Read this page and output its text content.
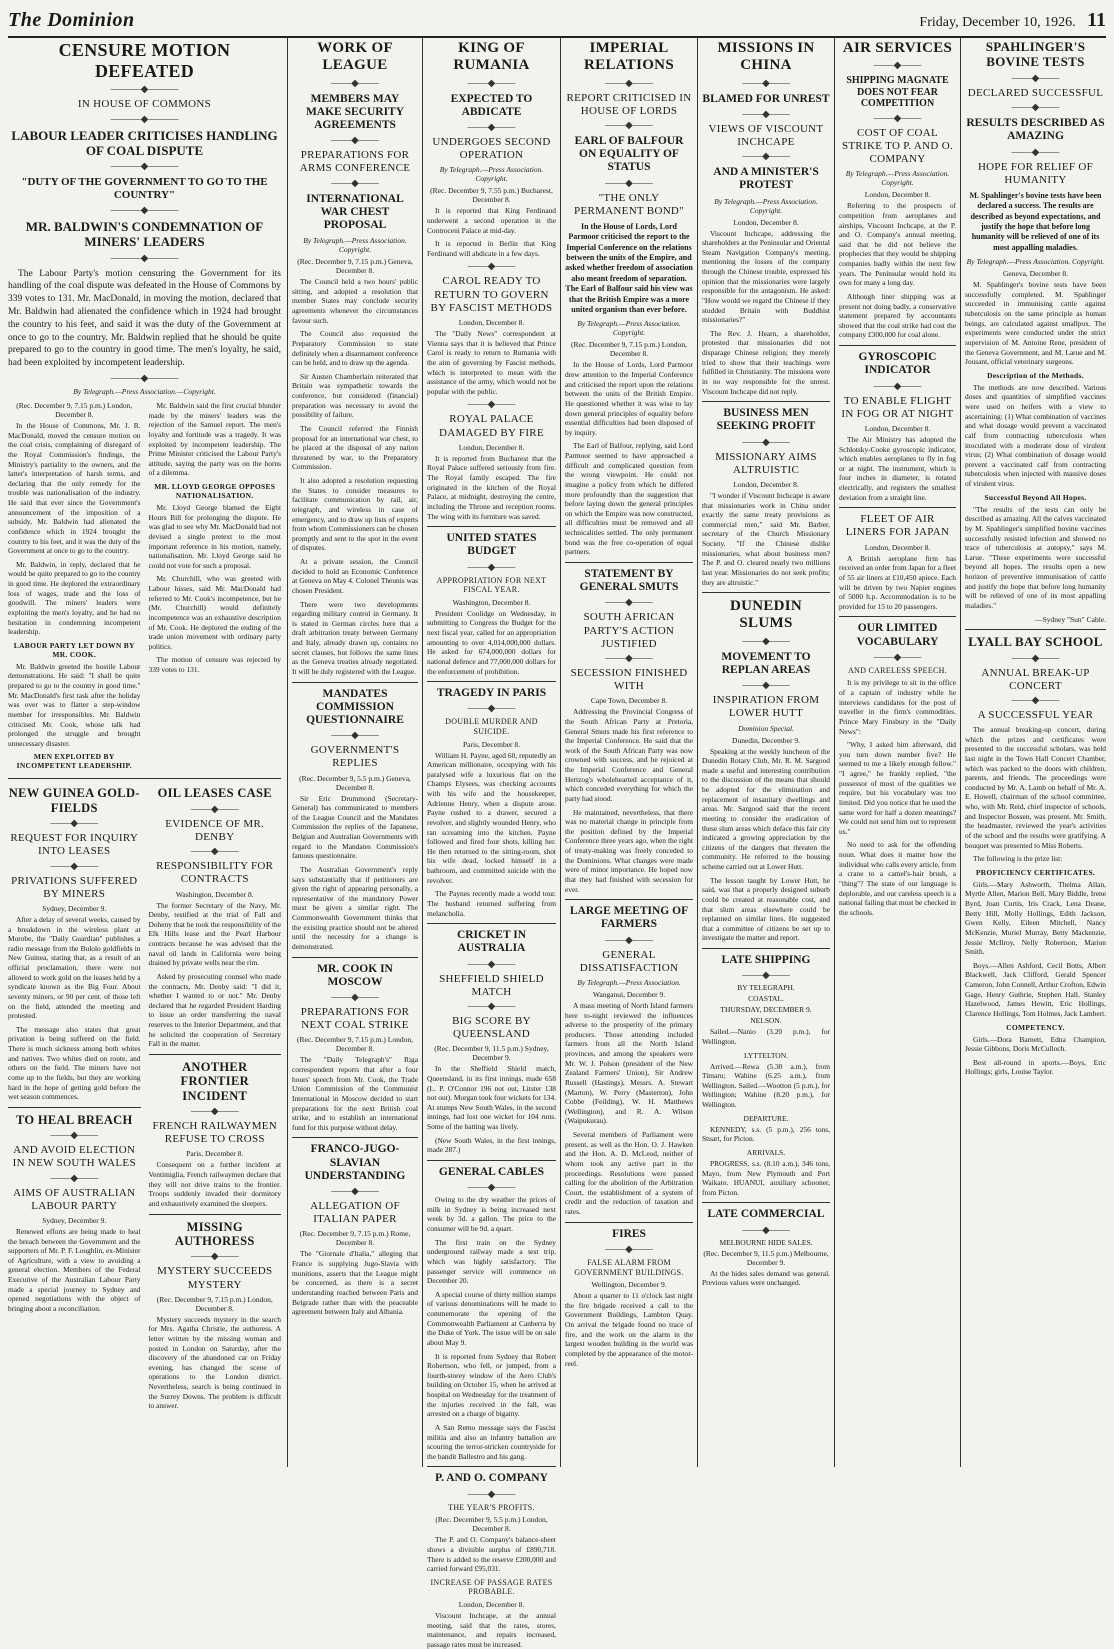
The Dominion	Friday, December 10, 1926. 11
CENSURE MOTION DEFEATED
———◆———
IN HOUSE OF COMMONS
———◆———
LABOUR LEADER CRITICISES HANDLING OF COAL DISPUTE
———◆———
"DUTY OF THE GOVERNMENT TO GO TO THE COUNTRY"
———◆———
MR. BALDWIN'S CONDEMNATION OF MINERS' LEADERS
———◆———

The Labour Party's motion censuring the Government for its handling of the coal dispute was defeated in the House of Commons by 339 votes to 131. Mr. MacDonald, in moving the motion, declared that Mr. Baldwin had alienated the confidence which in 1924 had brought the country to his feet, and said it was the duty of the Government at once to go to the country. Mr. Baldwin replied that he should be quite prepared to go to the country in good time. The men's loyalty, he said, had been exploited by incompetent leadership.

———◆———
By Telegraph.—Press Association.—Copyright.
(Rec. December 9, 7.15 p.m.) London, December 8.

In the House of Commons, Mr. J. R. MacDonald, moved the censure motion on the coal crisis, complaining of disregard of the Royal Commission's findings, the Ministry's partiality to the owners, and the latter's interpretation of harsh terms, and declaring that the only remedy for the trouble was nationalisation of the industry. He said that ever since the Government's announcement of the imposition of a subsidy, Mr. Baldwin had alienated the confidence which in 1924 brought the country to his feet, and it was the duty of the Government at once to go to the country.

Mr. Baldwin, in reply, declared that he would be quite prepared to go to the country in good time. He deplored the extraordinary loss of wages, trade and the loss of goodwill. The miners' leaders were exploiting the men's loyalty, and he had no hesitation in condemning incompetent leadership.

LABOUR PARTY LET DOWN BY MR. COOK.

Mr. Baldwin greeted the hostile Labour demonstrations. He said: "I shall be quite prepared to go to the country in good time." Mr. MacDonald's first task after the holiday was over was to flatter a step-window member for irresponsibles. Mr. Baldwin criticised Mr. Cook, whose talk had prolonged the struggle and brought unnecessary disaster.

MEN EXPLOITED BY INCOMPETENT LEADERSHIP.

Mr. Baldwin said the first crucial blunder made by the miners' leaders was the rejection of the Samuel report. The men's loyalty and fortitude was a tragedy. It was exploited by incompetent leadership. The Prime Minister criticised the Labour Party's attitude, saying the party was on the horns of a dilemma.

MR. LLOYD GEORGE OPPOSES NATIONALISATION.

Mr. Lloyd George blamed the Eight Hours Bill for prolonging the dispute. He was glad to see why Mr. MacDonald had not devised a single pretext to the most important reference in his motion, namely, nationalisation. Mr. Lloyd George said he could not vote for such a proposal.

Mr. Churchill, who was greeted with Labour hisses, said Mr. MacDonald had referred to Mr. Cook's incompetence, but he (Mr. Churchill) would definitely incompetence was an exhaustive description of Mr. Cook. He deplored the ending of the trade union movement with ordinary party politics.

The motion of censure was rejected by 339 votes to 131.

NEW GUINEA GOLD-FIELDS
——◆——
REQUEST FOR INQUIRY INTO LEASES
——◆——
PRIVATIONS SUFFERED BY MINERS
Sydney, December 9.

After a delay of several weeks, caused by a breakdown in the wireless plant at Morobe, the "Daily Guardian" publishes a radio message from the Bulolo goldfields in New Guinea, stating that, as a result of an official proclamation, there were not allowed to work gold on the leases held by a syndicate known as the Big Four. About seventy miners, or 90 per cent. of those left on the field, attended the meeting and protested.

The message also states that great privation is being suffered on the field. There is much sickness among both whites and natives. Two whites died on route, and others on the field. The miners have not come up to the fields, but they are working hard in the hope of getting gold before the wet season commences.

TO HEAL BREACH
——◆——
AND AVOID ELECTION IN NEW SOUTH WALES
——◆——
AIMS OF AUSTRALIAN LABOUR PARTY
Sydney, December 9.

Renewed efforts are being made to heal the breach between the Government and the supporters of Mr. P. F. Loughlin, ex-Minister of Agriculture, with a view to avoiding a general election. Members of the Federal Executive of the Australian Labour Party made a special journey to Sydney and opened negotiations with the object of bringing about a reconciliation.

OIL LEASES CASE
——◆——
EVIDENCE OF MR. DENBY
——◆——
RESPONSIBILITY FOR CONTRACTS
Washington, December 8.

The former Secretary of the Navy, Mr. Denby, testified at the trial of Fall and Doheny that he took the responsibility of the Elk Hills lease and the Pearl Harbour contracts because he was advised that the naval oil lands in California were being drained by private wells near the rim.

Asked by prosecuting counsel who made the contracts, Mr. Denby said: "I did it, whether I wanted to or not." Mr. Denby declared that he regarded President Harding to issue an order transferring the naval reserves to the Interior Department, and that he solicited the cooperation of Secretary Fall in the matter.

ANOTHER FRONTIER INCIDENT
——◆——
FRENCH RAILWAYMEN REFUSE TO CROSS
Paris, December 8.

Consequent on a further incident at Ventimiglia, French railwaymen declare that they will not drive trains to the frontier. Troops suddenly invaded their dormitory and exhaustively examined the sleepers.

MISSING AUTHORESS
——◆——
MYSTERY SUCCEEDS MYSTERY
(Rec. December 9, 7.15 p.m.) London, December 8.

Mystery succeeds mystery in the search for Mrs. Agatha Christie, the authoress. A letter written by the missing woman and posted in London on Saturday, after the discovery of the abandoned car on Friday evening, has changed the scene of operations to the London district. Nevertheless, search is being continued in the Surrey Downs. The problem is difficult to answer.

WORK OF LEAGUE
——◆——
MEMBERS MAY MAKE SECURITY AGREEMENTS
——◆——
PREPARATIONS FOR ARMS CONFERENCE
——◆——
INTERNATIONAL WAR CHEST PROPOSAL
By Telegraph.—Press Association. Copyright.
(Rec. December 9, 7.15 p.m.) Geneva, December 8.

The Council held a two hours' public sitting, and adopted a resolution that member States may conclude security agreements whenever the circumstances favour such.

The Council also requested the Preparatory Commission to state definitely when a disarmament conference can be held, and to draw up the agenda.

Sir Austen Chamberlain reiterated that Britain was sympathetic towards the conference, but considered (financial) preparation was necessary to avoid the possibility of failure.

The Council referred the Finnish proposal for an international war chest, to be placed at the disposal of any nation threatened by war, to the Preparatory Commission.

It also adopted a resolution requesting the States to consider measures to facilitate communication by rail, air, telegraph, and wireless in case of emergency, and to draw up lists of experts from whom Commissioners can be chosen promptly and sent to the spot in the event of disputes.

At a private session, the Council decided to hold an Economic Conference at Geneva on May 4. Colonel Theunis was chosen President.

There were two developments regarding military control in Germany. It is stated in German circles here that a draft arbitration treaty between Germany and Italy, already drawn up, contains no secret clauses, but follows the same lines as the Geneva treaties already negotiated. It will be duly registered with the League.

MANDATES COMMISSION QUESTIONNAIRE
——◆——
GOVERNMENT'S REPLIES
(Rec. December 9, 5.5 p.m.) Geneva, December 8.

Sir Eric Drummond (Secretary-General) has communicated to members of the League Council and the Mandates Commission the replies of the Japanese, Belgian and Australian Governments with regard to the Mandates Commission's famous questionnaire.

The Australian Government's reply says substantially that if petitioners are given the right of appearing personally, a representative of the mandatory Power must be given a similar right. The Commonwealth Government thinks that the existing practice should not be altered until the necessity for a change is demonstrated.

MR. COOK IN MOSCOW
——◆——
PREPARATIONS FOR NEXT COAL STRIKE
(Rec. December 9, 7.15 p.m.) London, December 8.

The "Daily Telegraph's" Riga correspondent reports that after a four hours' speech from Mr. Cook, the Trade Union Commission of the Communist International in Moscow decided to start preparations for the next British coal strike, and to establish an international fund for this purpose without delay.

FRANCO-JUGO-SLAVIAN UNDERSTANDING
——◆——
ALLEGATION OF ITALIAN PAPER
(Rec. December 9, 7.15 p.m.) Rome, December 8.

The "Giornale d'Italia," alleging that France is supplying Jugo-Slavia with munitions, asserts that the League might be concerned, as there is a secret understanding reached between Paris and Belgrade rather than with the peaceable agreement between Italy and Albania.

KING OF RUMANIA
——◆——
EXPECTED TO ABDICATE
——◆——
UNDERGOES SECOND OPERATION
By Telegraph.—Press Association. Copyright.
(Rec. December 9, 7.55 p.m.) Bucharest, December 8.

It is reported that King Ferdinand underwent a second operation in the Controceni Palace at mid-day.

It is reported in Berlin that King Ferdinand will abdicate in a few days.

——◆——
CAROL READY TO RETURN TO GOVERN BY FASCIST METHODS
London, December 8.

The "Daily News" correspondent at Vienna says that it is believed that Prince Carol is ready to return to Rumania with the aim of governing by Fascist methods, which is interpreted to mean with the assistance of the army, which would not be popular with the public.

——◆——
ROYAL PALACE DAMAGED BY FIRE
London, December 8.

It is reported from Bucharest that the Royal Palace suffered seriously from fire. The Royal family escaped. The fire originated in the kitchen of the Royal Palace, at midnight, destroying the centre, including the Throne and reception rooms. The wing with its furniture was saved.

UNITED STATES BUDGET
——◆——
APPROPRIATION FOR NEXT FISCAL YEAR.
Washington, December 8.

President Coolidge on Wednesday, in submitting to Congress the Budget for the next fiscal year, called for an appropriation amounting to over 4,014,000,000 dollars. He asked for 674,000,000 dollars for national defence and 77,000,000 dollars for the enforcement of prohibition.

TRAGEDY IN PARIS
——◆——
DOUBLE MURDER AND SUICIDE.
Paris, December 8.

William H. Payne, aged 60, reputedly an American millionaire, occupying with his paralysed wife a luxurious flat on the Champs Elysees, was checking accounts with his wife and the housekeeper, Adrienne Henry, when a dispute arose. Payne rushed to a drawer, secured a revolver, and slightly wounded Henry, who ran screaming into the kitchen. Payne followed and fired four shots, killing her. He then returned to the sitting-room, shot his wife dead, locked himself in a bathroom, and committed suicide with the revolver.

The Paynes recently made a world tour. The husband returned suffering from melancholia.

CRICKET IN AUSTRALIA
——◆——
SHEFFIELD SHIELD MATCH
——◆——
BIG SCORE BY QUEENSLAND
(Rec. December 9, 11.5 p.m.) Sydney, December 9.

In the Sheffield Shield match, Queensland, in its first innings, made 658 (L. P. O'Connor 196 not out, Litster 138 not out). Morgan took four wickets for 134. At stumps New South Wales, in the second innings, had lost one wicket for 104 runs. Some of the batting was lively.

(New South Wales, in the first innings, made 287.)

GENERAL CABLES
——◆——

Owing to the dry weather the prices of milk in Sydney is being increased next week by 3d. a gallon. The price to the consumer will be 9d. a quart.

The first train on the Sydney underground railway made a test trip, which was highly satisfactory. The passenger service will commence on December 20.

A special course of thirty million stamps of various denominations will be made to commemorate the opening of the Commonwealth Parliament at Canberra by the Duke of York. The issue will be on sale about May 9.

It is reported from Sydney that Robert Robertson, who fell, or jumped, from a fourth-storey window of the Aero Club's building on October 15, when he arrived at hospital on Wednesday for the treatment of the injuries received in the fall, was arrested on a charge of bigamy.

A San Remo message says the Fascist militia and also an infantry battalion are scouring the terror-stricken countryside for the bandit Ballestro and his gang.

P. AND O. COMPANY
——◆——
THE YEAR'S PROFITS.
(Rec. December 9, 5.5 p.m.) London, December 8.

The P. and O. Company's balance-sheet shows a divisible surplus of £890,718. There is added to the reserve £200,000 and carried forward £95,031.

INCREASE OF PASSAGE RATES PROBABLE.
London, December 8.

Viscount Inchcape, at the annual meeting, said that the rates, stores, maintenance, and repairs increased, passage rates must be increased.

IMPERIAL RELATIONS
——◆——
REPORT CRITICISED IN HOUSE OF LORDS
——◆——
EARL OF BALFOUR ON EQUALITY OF STATUS
——◆——
"THE ONLY PERMANENT BOND"
In the House of Lords, Lord Parmoor criticised the report to the Imperial Conference on the relations between the units of the Empire, and asked whether freedom of association also meant freedom of separation. The Earl of Balfour said his view was that the British Empire was a more united organism than ever before.
By Telegraph.—Press Association. Copyright.
(Rec. December 9, 7.15 p.m.) London, December 8.

In the House of Lords, Lord Parmoor drew attention to the Imperial Conference and criticised the report upon the relations between the units of the British Empire. He questioned whether it was wise to lay down general principles of equality before essential difficulties had been disposed of by inquiry.

The Earl of Balfour, replying, said Lord Parmoor seemed to have approached a difficult and complicated question from the wrong viewpoint. He could not imagine a policy from which he differed more profoundly than the suggestion that before laying down the general principles on which the Empire was now constructed, all difficulties must be removed and all technicalities settled. The only permanent bond was the free co-operation of equal partners.

STATEMENT BY GENERAL SMUTS
——◆——
SOUTH AFRICAN PARTY'S ACTION JUSTIFIED
——◆——
SECESSION FINISHED WITH
Cape Town, December 8.

Addressing the Provincial Congress of the South African Party at Pretoria, General Smuts made his first reference to the Imperial Conference. He said that the work of the South African Party was now crowned with success, and he rejoiced at the Imperial Conference and General Hertzog's wholehearted acceptance of it, which conceded everything for which the party had stood.

He maintained, nevertheless, that there was no material change in principle from the position defined by the Imperial Conference three years ago, when the right of treaty-making was freely conceded to the Dominions. What changes were made were of minor importance. He hoped now that they had finished with secession for ever.

LARGE MEETING OF FARMERS
——◆——
GENERAL DISSATISFACTION
By Telegraph.—Press Association.
Wanganui, December 9.

A mass meeting of North Island farmers here to-night reviewed the influences adverse to the prosperity of the primary producers. Those attending included farmers from all the North Island provinces, and among the speakers were Mr. W. J. Polson (president of the New Zealand Farmers' Union), Sir Andrew Russell (Hastings), Messrs. A. Stewart (Marton), W. Perry (Masterton), John Cobbe (Feilding), W. H. Matthews (Wellington), and R. A. Wilson (Waipukurau).

Several members of Parliament were present, as well as the Hon. O. J. Hawken and the Hon. A. D. McLeod, neither of whom took any active part in the proceedings. Resolutions were passed calling for the abolition of the Arbitration Court, the establishment of a system of credit and the reduction of taxation and rates.

FIRES
——◆——
FALSE ALARM FROM GOVERNMENT BUILDINGS.
Wellington, December 9.

About a quarter to 11 o'clock last night the fire brigade received a call to the Government Buildings, Lambton Quay. On arrival the brigade found no trace of fire, and the work on the alarm in the largest wooden building in the world was completed by the appearance of the motor-reel.

MISSIONS IN CHINA
——◆——
BLAMED FOR UNREST
——◆——
VIEWS OF VISCOUNT INCHCAPE
——◆——
AND A MINISTER'S PROTEST
By Telegraph.—Press Association. Copyright.
London, December 8.

Viscount Inchcape, addressing the shareholders at the Peninsular and Oriental Steam Navigation Company's meeting, mentioning the losses of the company through the Chinese trouble, expressed his opinion that the missionaries were largely responsible for the antagonism. He asked: "How would we regard the Chinese if they studded Britain with Buddhist missionaries?"

The Rev. J. Hearn, a shareholder, protested that missionaries did not disparage Chinese religion; they merely tried to show that their teachings were fulfilled in Christianity. The missions were in no way responsible for the unrest. Viscount Inchcape did not reply.

BUSINESS MEN SEEKING PROFIT
——◆——
MISSIONARY AIMS ALTRUISTIC
London, December 8.

"I wonder if Viscount Inchcape is aware that missionaries work in China under exactly the same treaty provisions as commercial men," said Mr. Barber, secretary of the Church Missionary Society. "If the Chinese dislike missionaries, what about business men? The P. and O. cleared nearly two millions last year. Missionaries do not seek profits; they are altruistic."

DUNEDIN SLUMS
——◆——
MOVEMENT TO REPLAN AREAS
——◆——
INSPIRATION FROM LOWER HUTT
Dominion Special.
Dunedin, December 9.

Speaking at the weekly luncheon of the Dunedin Rotary Club, Mr. R. M. Sargood made a useful and interesting contribution to the discussion of the means that should be adopted for the elimination and replacement of insanitary dwellings and areas. Mr. Sargood said that the recent meeting to consider the eradication of these slum areas which deface this fair city indicated a growing appreciation by the citizens of the dangers that threaten the community. He referred to the housing scheme carried out at Lower Hutt.

The lesson taught by Lower Hutt, he said, was that a properly designed suburb could be created at reasonable cost, and that slum areas elsewhere could be replanned on similar lines. He suggested that a committee of citizens be set up to investigate the matter and report.

LATE SHIPPING
——◆——
BY TELEGRAPH.
COASTAL.
THURSDAY, DECEMBER 9.
NELSON.

Sailed.—Nanio (3.20 p.m.), for Wellington.

LYTTELTON.

Arrived.—Rewa (5.30 a.m.), from Timaru; Wahine (6.25 a.m.), from Wellington. Sailed.—Wootton (5 p.m.), for Wellington; Wahine (8.20 p.m.), for Wellington.

DEPARTURE.

KENNEDY, s.s. (5 p.m.), 256 tons, Stuart, for Picton.

ARRIVALS.

PROGRESS, s.s. (8.10 a.m.), 346 tons, Mayo, from New Plymouth and Port Waikato. HUANUI, auxiliary schooner, from Picton.

LATE COMMERCIAL
——◆——
MELBOURNE HIDE SALES.
(Rec. December 9, 11.5 p.m.) Melbourne, December 9.

At the hides sales demand was general. Previous values were unchanged.

AIR SERVICES
——◆——
SHIPPING MAGNATE DOES NOT FEAR COMPETITION
——◆——
COST OF COAL STRIKE TO P. AND O. COMPANY
By Telegraph.—Press Association. Copyright.
London, December 8.

Referring to the prospects of competition from aeroplanes and airships, Viscount Inchcape, at the P. and O. Company's annual meeting, said that he did not believe the prophecies that they would be shipping companies badly within the next few years. The Peninsular would hold its own for many a long day.

Although liner shipping was at present not doing badly, a conservative statement prepared by accountants showed that the coal strike had cost the company £300,000 for coal alone.

GYROSCOPIC INDICATOR
——◆——
TO ENABLE FLIGHT IN FOG OR AT NIGHT
London, December 8.

The Air Ministry has adopted the Schlotsky-Cooke gyroscopic indicator, which enables aeroplanes to fly in fog or at night. The instrument, which is four inches in diameter, is rotated electrically, and registers the smallest deviation from a straight line.

FLEET OF AIR LINERS FOR JAPAN
London, December 8.

A British aeroplane firm has received an order from Japan for a fleet of 55 air liners at £10,450 apiece. Each will be driven by two Napier engines of 5000 h.p. Accommodation is to be provided for 15 to 20 passengers.

OUR LIMITED VOCABULARY
——◆——
AND CARELESS SPEECH.

It is my privilege to sit in the office of a captain of industry while he interviews candidates for the post of traveller in the firm's commodities. Prince Mary Finsbury in the "Daily News":

"Why, I asked him afterward, did you turn down number five? He seemed to me a likely enough fellow." "I agree," he frankly replied, "the possessor of most of the qualities we require, but his vocabulary was too limited. Did you notice that he used the same word for half a dozen meanings? We could not send him out to represent us."

No need to ask for the offending noun. What does it matter how the individual who calls every article, from a crane to a camel's-hair brush, a "thing"? The state of our language is deplorable, and our careless speech is a national failing that must be checked in the schools.

SPAHLINGER'S BOVINE TESTS
——◆——
DECLARED SUCCESSFUL
——◆——
RESULTS DESCRIBED AS AMAZING
——◆——
HOPE FOR RELIEF OF HUMANITY
M. Spahlinger's bovine tests have been declared a success. The results are described as beyond expectations, and justify the hope that before long humanity will be relieved of one of its most appalling maladies.
By Telegraph.—Press Association. Copyright.
Geneva, December 8.

M. Spahlinger's bovine tests have been successfully completed. M. Spahlinger succeeded in immunising cattle against tuberculosis on the same principle as human beings, are calculated against smallpox. The experiments were conducted under the strict supervision of M. Antoine Rene, president of the Geneva Government, and M. Larue and M. Jousant, official veterinary surgeons.

Description of the Methods.

The methods are now described. Various doses and quantities of simplified vaccines were used on heifers with a view to ascertaining: (1) What combination of vaccines and what dosage would prevent a vaccinated calf from contracting tuberculosis when inoculated with a moderate dose of virulent virus; (2) What combination of dosage would prevent a vaccinated calf from contracting tuberculosis when injected with massive doses of virulent virus.

Successful Beyond All Hopes.

"The results of the tests can only be described as amazing. All the calves vaccinated by M. Spahlinger's simplified bovine vaccines successfully resisted infection and showed no trace of tuberculosis at autopsy," says M. Larue. "These experiments were successful beyond all hopes. The results open a new horizon of preventive immunisation of cattle and justify the hope that before long humanity will be relieved of one of its most appalling maladies."

—Sydney "Sun" Cable.
LYALL BAY SCHOOL
——◆——
ANNUAL BREAK-UP CONCERT
——◆——
A SUCCESSFUL YEAR

The annual breaking-up concert, during which the prizes and certificates were presented to the successful scholars, was held last night in the Town Hall Concert Chamber, which was packed to the doors with children, parents, and friends. The proceedings were conducted by Mr. A. Lamb on behalf of Mr. A. E. Howell, chairman of the school committee, who, with Mr. Reid, chief inspector of schools, and Inspector Bossen, was present. Mr. Smith, the headmaster, reviewed the year's activities of the school and the results were gratifying. A bouquet was presented to Miss Roberts.

The following is the prize list:

PROFICIENCY CERTIFICATES.

Girls.—Mary Ashworth, Thelma Allan, Myrtle Allen, Marion Bell, Mary Biddle, Irene Byrd, Joan Curtis, Iris Crack, Lena Deane, Betty Hill, Molly Hollings, Edith Jackson, Gwen Kelly, Eileen Mitchell, Nancy McKenzie, Muriel Murray, Betty Mackenzie, Jessie McIlroy, Nelly Robertson, Marion Smith.

Boys.—Allen Ashford, Cecil Botts, Albert Blackwell, Jack Clifford, Gerald Spencer Cameron, John Connell, Arthur Crofton, Edwin Gage, Henry Guthrie, Stephen Hall, Stanley Hazelwood, James Hewitt, Eric Hollings, Clarence Hollings, Tom Holmes, Jack Lambert.

COMPETENCY.

Girls.—Dora Barnett, Edna Champion, Jessie Gibbons, Doris McCulloch.

Best all-round in sports.—Boys, Eric Hollings; girls, Louise Taylor.
